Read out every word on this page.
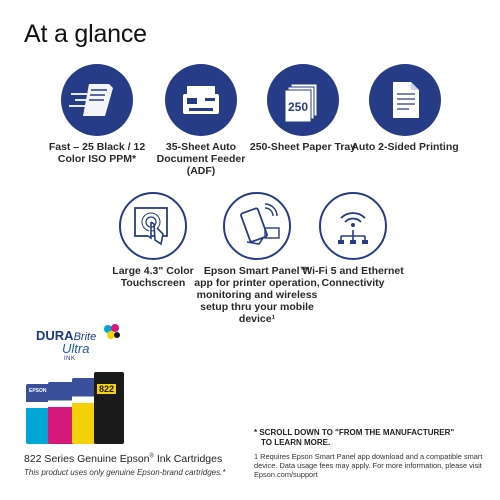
At a glance
Fast – 25 Black / 12 Color ISO PPM*
35-Sheet Auto Document Feeder (ADF)
250
250-Sheet Paper Tray
Auto 2-Sided Printing
Large 4.3" Color Touchscreen
Epson Smart Panel™ app for printer operation, monitoring and wireless setup thru your mobile device¹
Wi-Fi 5 and Ethernet Connectivity
DURABrite
Ultra
INK
822
EPSON
822 Series Genuine Epson® Ink Cartridges
This product uses only genuine Epson-brand cartridges.*
* SCROLL DOWN TO "FROM THE MANUFACTURER"
TO LEARN MORE.
1 Requires Epson Smart Panel app download and a compatible smart device. Data usage fees may apply. For more information, please visit Epson.com/support
